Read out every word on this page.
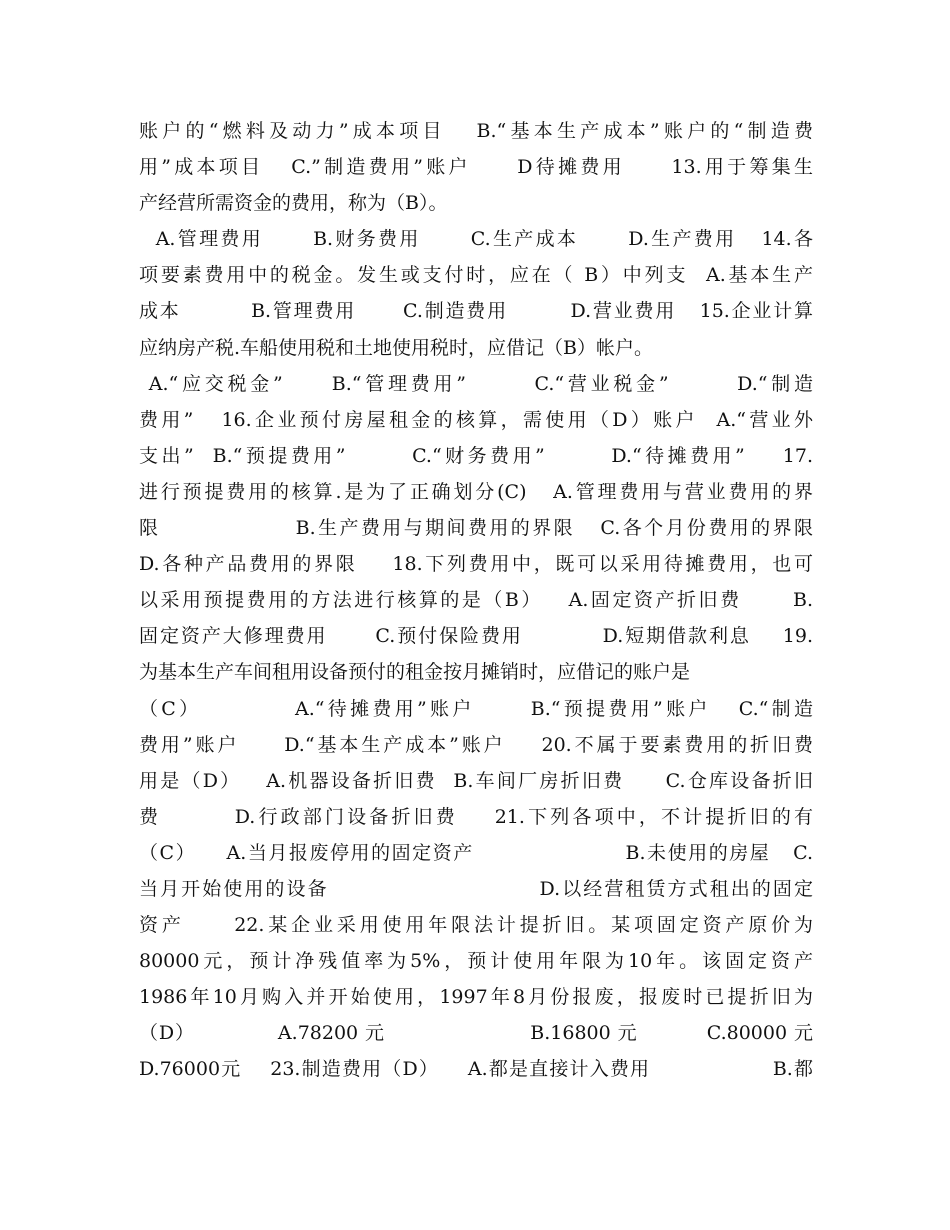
账户的“燃料及动力”成本项目   B.“基本生产成本”账户的“制造费
用”成本项目   C.”制造费用”账户     D待摊费用     13.用于筹集生
产经营所需资金的费用，称为（B）。
A.管理费用      B.财务费用      C.生产成本      D.生产费用   14.各
项要素费用中的税金。发生或支付时，应在（ B）中列支  A.基本生产
成本         B.管理费用      C.制造费用        D.营业费用   15.企业计算
应纳房产税.车船使用税和土地使用税时，应借记（B）帐户。
A.“应交税金”     B.“管理费用”       C.“营业税金”       D.“制造
费用”   16.企业预付房屋租金的核算，需使用（D）账户  A.“营业外
支出”  B.“预提费用”       C.“财务费用”       D.“待摊费用”    17.
进行预提费用的核算.是为了正确划分(C)   A.管理费用与营业费用的界
限                B.生产费用与期间费用的界限   C.各个月份费用的界限
D.各种产品费用的界限    18.下列费用中，既可以采用待摊费用，也可
以采用预提费用的方法进行核算的是（B）   A.固定资产折旧费      B.
固定资产大修理费用      C.预付保险费用          D.短期借款利息    19.
为基本生产车间租用设备预付的租金按月摊销时，应借记的账户是
（C）          A.“待摊费用”账户      B.“预提费用”账户   C.“制造
费用”账户     D.“基本生产成本”账户    20.不属于要素费用的折旧费
用是（D）   A.机器设备折旧费  B.车间厂房折旧费     C.仓库设备折旧
费        D.行政部门设备折旧费    21.下列各项中，不计提折旧的有
（C）    A.当月报废停用的固定资产                    B.未使用的房屋   C.
当月开始使用的设备                          D.以经营租赁方式租出的固定
资产     22.某企业采用使用年限法计提折旧。某项固定资产原价为
80000元，预计净残值率为5%，预计使用年限为10年。该固定资产
1986年10月购入并开始使用，1997年8月份报废，报废时已提折旧为
（D）            A.78200 元                     B.16800 元          C.80000 元
D.76000元    23.制造费用（D）    A.都是直接计入费用                 B.都
